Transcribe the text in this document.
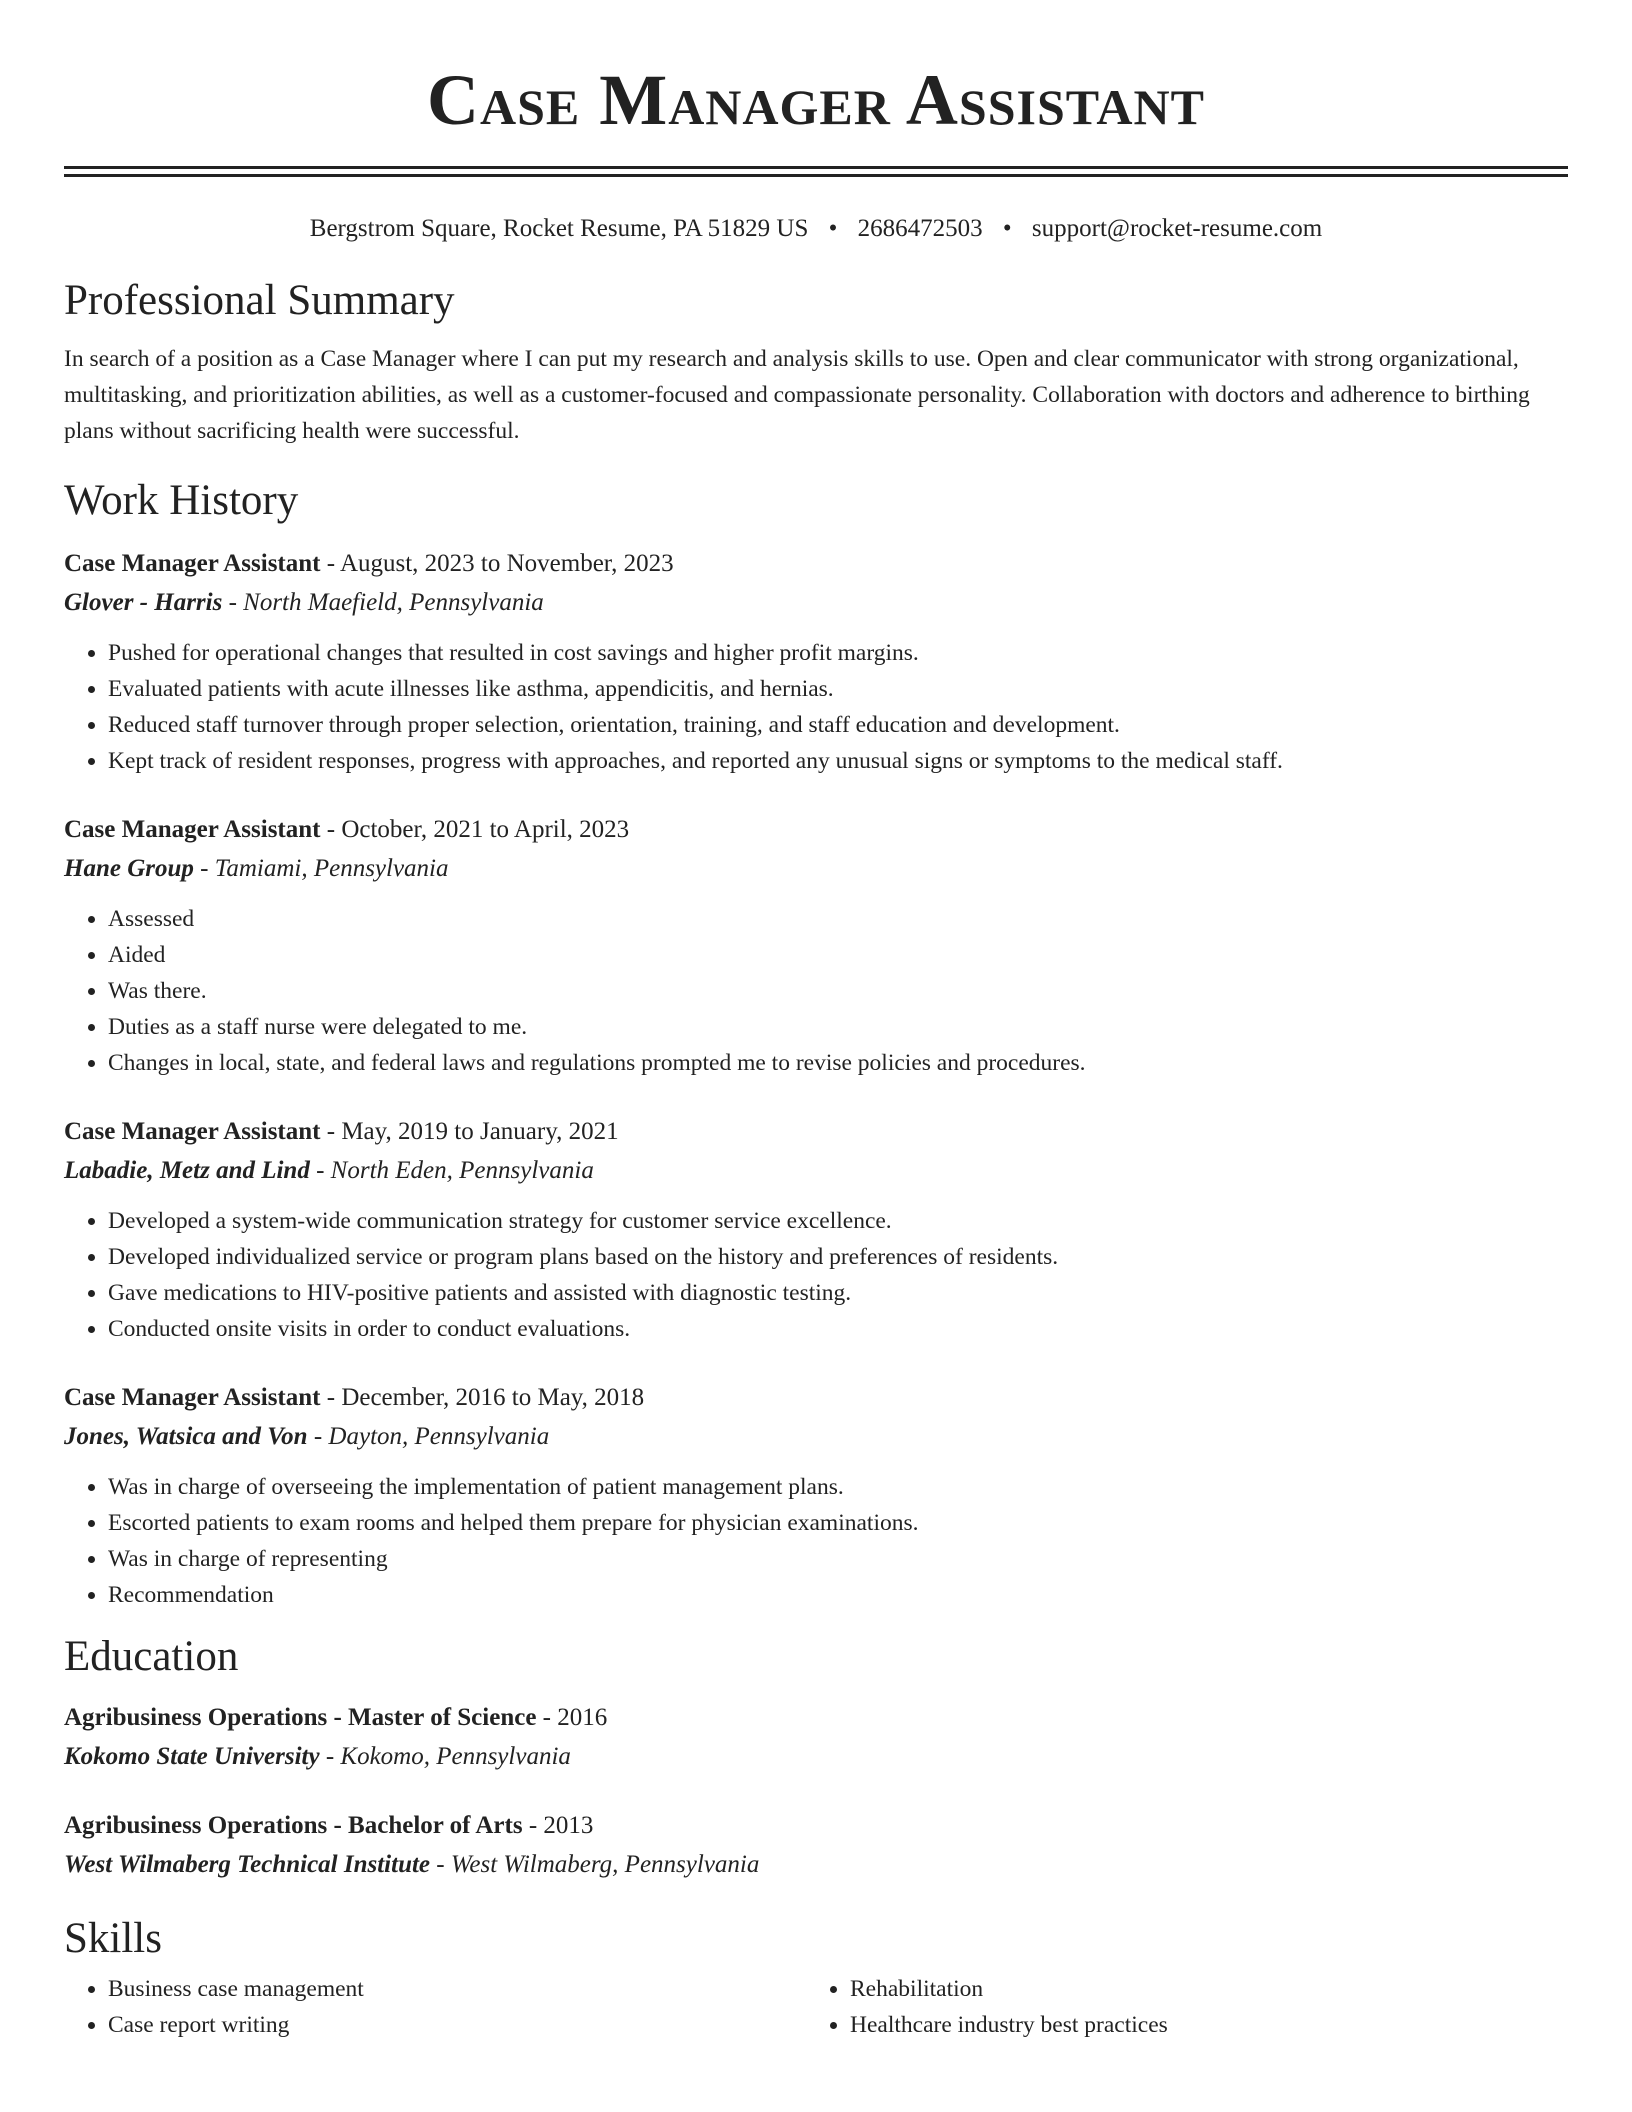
Case Manager Assistant
Bergstrom Square, Rocket Resume, PA 51829 US • 2686472503 • support@rocket-resume.com
Professional Summary
In search of a position as a Case Manager where I can put my research and analysis skills to use. Open and clear communicator with strong organizational, multitasking, and prioritization abilities, as well as a customer-focused and compassionate personality. Collaboration with doctors and adherence to birthing plans without sacrificing health were successful.
Work History
Case Manager Assistant - August, 2023 to November, 2023
Glover - Harris - North Maefield, Pennsylvania
• Pushed for operational changes that resulted in cost savings and higher profit margins.
• Evaluated patients with acute illnesses like asthma, appendicitis, and hernias.
• Reduced staff turnover through proper selection, orientation, training, and staff education and development.
• Kept track of resident responses, progress with approaches, and reported any unusual signs or symptoms to the medical staff.
Case Manager Assistant - October, 2021 to April, 2023
Hane Group - Tamiami, Pennsylvania
• Assessed
• Aided
• Was there.
• Duties as a staff nurse were delegated to me.
• Changes in local, state, and federal laws and regulations prompted me to revise policies and procedures.
Case Manager Assistant - May, 2019 to January, 2021
Labadie, Metz and Lind - North Eden, Pennsylvania
• Developed a system-wide communication strategy for customer service excellence.
• Developed individualized service or program plans based on the history and preferences of residents.
• Gave medications to HIV-positive patients and assisted with diagnostic testing.
• Conducted onsite visits in order to conduct evaluations.
Case Manager Assistant - December, 2016 to May, 2018
Jones, Watsica and Von - Dayton, Pennsylvania
• Was in charge of overseeing the implementation of patient management plans.
• Escorted patients to exam rooms and helped them prepare for physician examinations.
• Was in charge of representing
• Recommendation
Education
Agribusiness Operations - Master of Science - 2016
Kokomo State University - Kokomo, Pennsylvania
Agribusiness Operations - Bachelor of Arts - 2013
West Wilmaberg Technical Institute - West Wilmaberg, Pennsylvania
Skills
• Business case management
• Case report writing
• Rehabilitation
• Healthcare industry best practices
